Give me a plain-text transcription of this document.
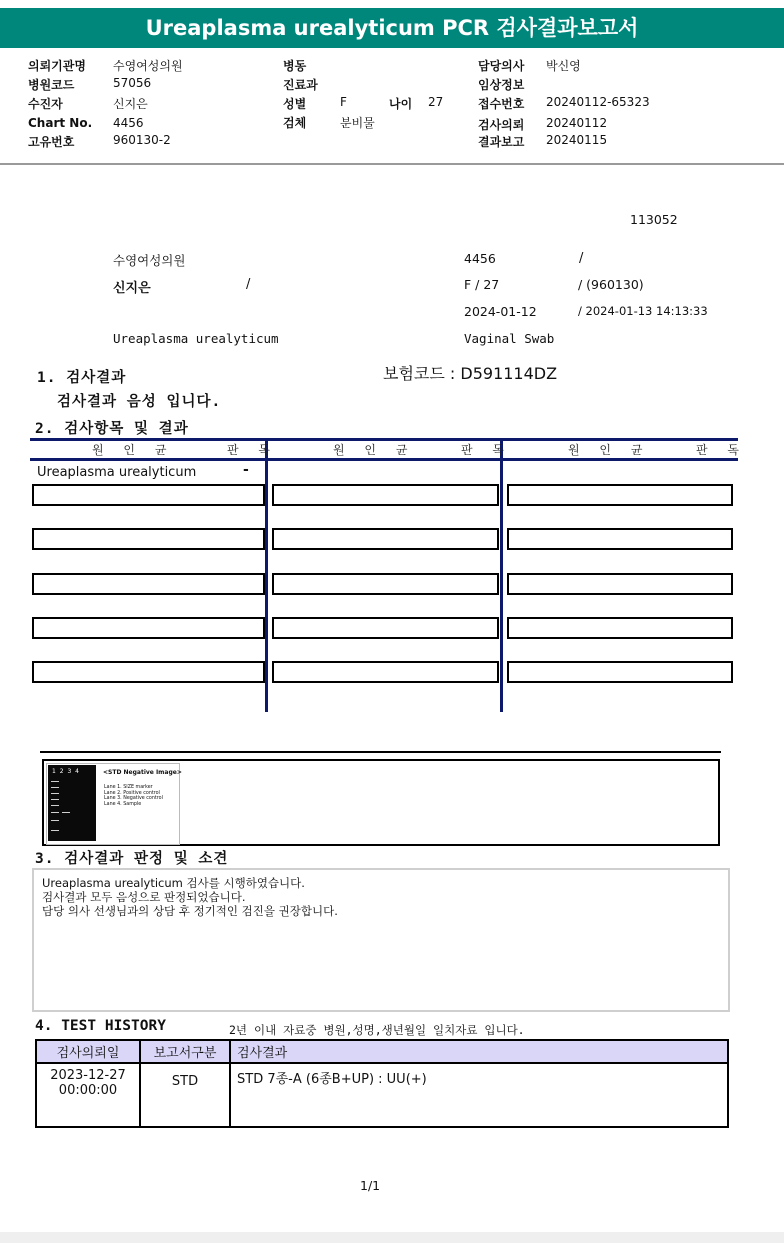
Ureaplasma urealyticum PCR 검사결과보고서
의뢰기관명 수영여성의원
병원코드	57056
수진자	신지은
Chart No. 4456
고유번호	960130-2
병동
진료과
성별	F	나이 27
검체	분비물
담당의사 박신영
임상정보
접수번호 20240112-65323
검사의뢰 20240112
결과보고 20240115
113052
수영여성의원	4456	/
신지은	/	F / 27	/ (960130)
2024-01-12	/ 2024-01-13 14:13:33
Ureaplasma urealyticum	Vaginal Swab
1. 검사결과	보험코드 : D591114DZ
검사결과 음성 입니다.
2. 검사항목 및 결과
원 인 균	판 독	원 인 균	판 독	원 인 균	판 독
Ureaplasma urealyticum	-
1 2 3 4	<STD Negative Image>
Lane 1. SIZE marker
Lane 2. Positive control
Lane 3. Negative control
Lane 4. Sample
3. 검사결과 판정 및 소견
Ureaplasma urealyticum 검사를 시행하였습니다.
검사결과 모두 음성으로 판정되었습니다.
담당 의사 선생님과의 상담 후 정기적인 검진을 권장합니다.
4. TEST HISTORY	2년 이내 자료중 병원,성명,생년월일 일치자료 입니다.
검사의뢰일	보고서구분	검사결과

2023-12-27
00:00:00	STD	STD 7종-A (6종B+UP) : UU(+)
1/1
